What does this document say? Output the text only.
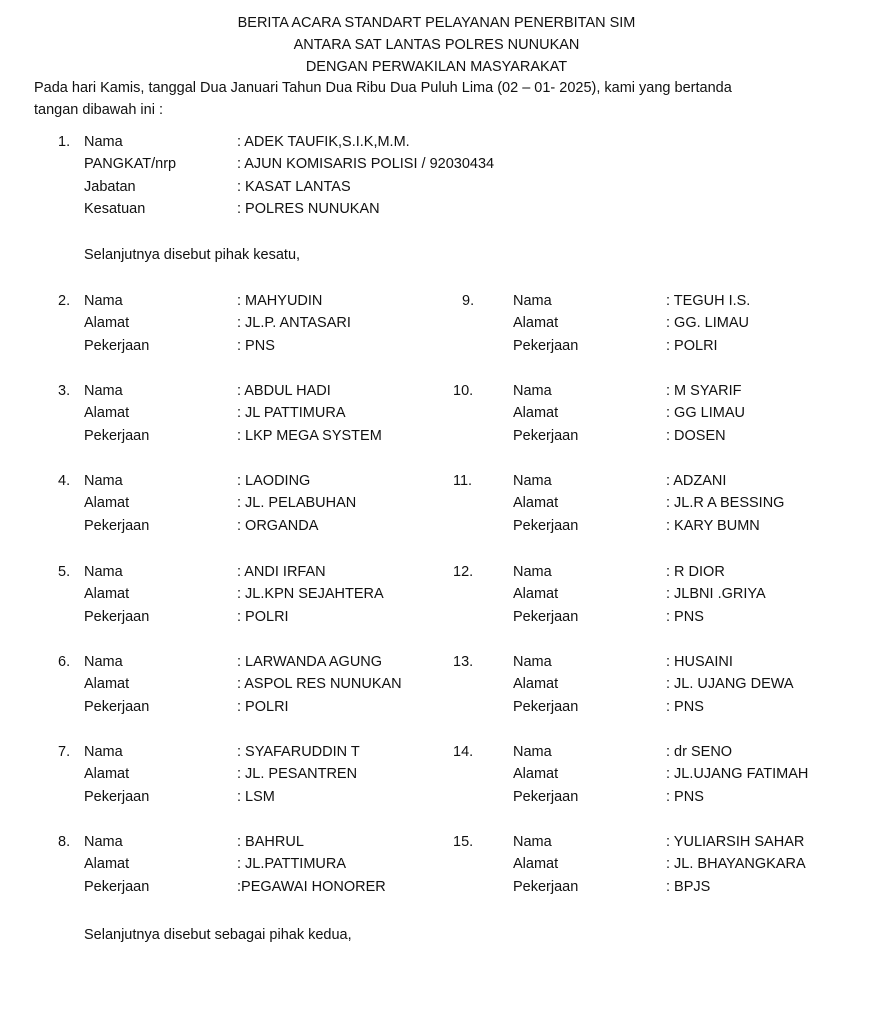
BERITA ACARA STANDART PELAYANAN PENERBITAN SIM
ANTARA SAT LANTAS POLRES NUNUKAN
DENGAN PERWAKILAN MASYARAKAT
Pada hari Kamis, tanggal Dua Januari Tahun Dua Ribu Dua Puluh Lima (02 – 01- 2025), kami yang bertanda
tangan dibawah ini :
1. Nama	: ADEK TAUFIK,S.I.K,M.M.
PANGKAT/nrp	: AJUN KOMISARIS POLISI / 92030434
Jabatan	: KASAT LANTAS
Kesatuan	: POLRES NUNUKAN
Selanjutnya disebut pihak kesatu,
2. Nama	: MAHYUDIN
Alamat	: JL.P. ANTASARI
Pekerjaan	: PNS
3. Nama	: ABDUL HADI
Alamat	: JL PATTIMURA
Pekerjaan	: LKP MEGA SYSTEM
4. Nama	: LAODING
Alamat	: JL. PELABUHAN
Pekerjaan	: ORGANDA
5. Nama	: ANDI IRFAN
Alamat	: JL.KPN SEJAHTERA
Pekerjaan	: POLRI
6. Nama	: LARWANDA AGUNG
Alamat	: ASPOL RES NUNUKAN
Pekerjaan	: POLRI
7. Nama	: SYAFARUDDIN T
Alamat	: JL. PESANTREN
Pekerjaan	: LSM
8. Nama	: BAHRUL
Alamat	: JL.PATTIMURA
Pekerjaan	:PEGAWAI HONORER
9.	Nama	: TEGUH I.S.
Alamat	: GG. LIMAU
Pekerjaan	: POLRI
10.	Nama	: M SYARIF
Alamat	: GG LIMAU
Pekerjaan	: DOSEN
11.	Nama	: ADZANI
Alamat	: JL.R A BESSING
Pekerjaan	: KARY BUMN
12.	Nama	: R DIOR
Alamat	: JLBNI .GRIYA
Pekerjaan	: PNS
13.	Nama	: HUSAINI
Alamat	: JL. UJANG DEWA
Pekerjaan	: PNS
14.	Nama	: dr SENO
Alamat	: JL.UJANG FATIMAH
Pekerjaan	: PNS
15.	Nama	: YULIARSIH SAHAR
Alamat	: JL. BHAYANGKARA
Pekerjaan	: BPJS
Selanjutnya disebut sebagai pihak kedua,
